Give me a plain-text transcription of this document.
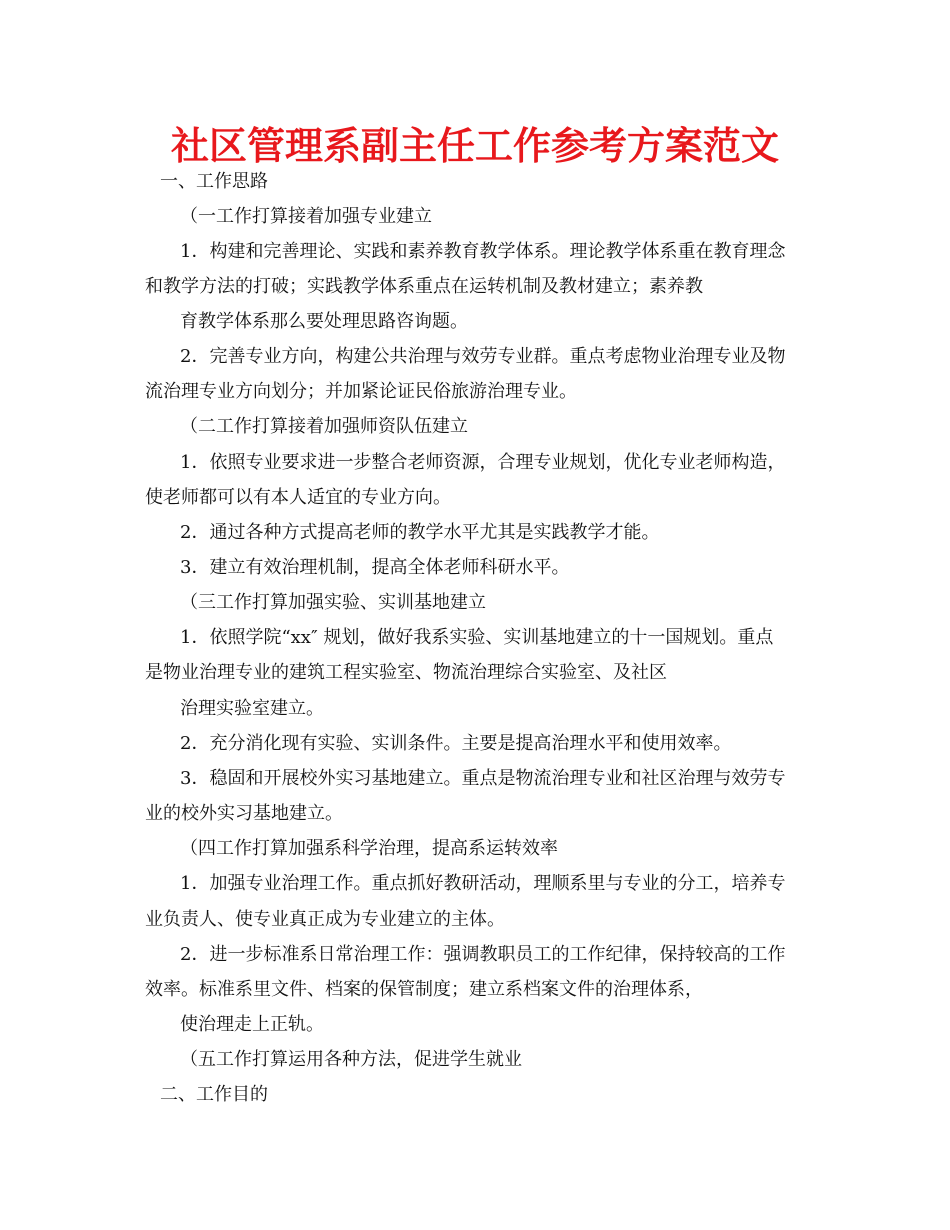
社区管理系副主任工作参考方案范文
一、工作思路
（一工作打算接着加强专业建立
1．构建和完善理论、实践和素养教育教学体系。理论教学体系重在教育理念
和教学方法的打破；实践教学体系重点在运转机制及教材建立；素养教
育教学体系那么要处理思路咨询题。
2．完善专业方向，构建公共治理与效劳专业群。重点考虑物业治理专业及物
流治理专业方向划分；并加紧论证民俗旅游治理专业。
（二工作打算接着加强师资队伍建立
1．依照专业要求进一步整合老师资源，合理专业规划，优化专业老师构造，
使老师都可以有本人适宜的专业方向。
2．通过各种方式提高老师的教学水平尤其是实践教学才能。
3．建立有效治理机制，提高全体老师科研水平。
（三工作打算加强实验、实训基地建立
1．依照学院“xx″ 规划，做好我系实验、实训基地建立的十一国规划。重点
是物业治理专业的建筑工程实验室、物流治理综合实验室、及社区
治理实验室建立。
2．充分消化现有实验、实训条件。主要是提高治理水平和使用效率。
3．稳固和开展校外实习基地建立。重点是物流治理专业和社区治理与效劳专
业的校外实习基地建立。
（四工作打算加强系科学治理，提高系运转效率
1．加强专业治理工作。重点抓好教研活动，理顺系里与专业的分工，培养专
业负责人、使专业真正成为专业建立的主体。
2．进一步标准系日常治理工作：强调教职员工的工作纪律，保持较高的工作
效率。标准系里文件、档案的保管制度；建立系档案文件的治理体系，
使治理走上正轨。
（五工作打算运用各种方法，促进学生就业
二、工作目的
